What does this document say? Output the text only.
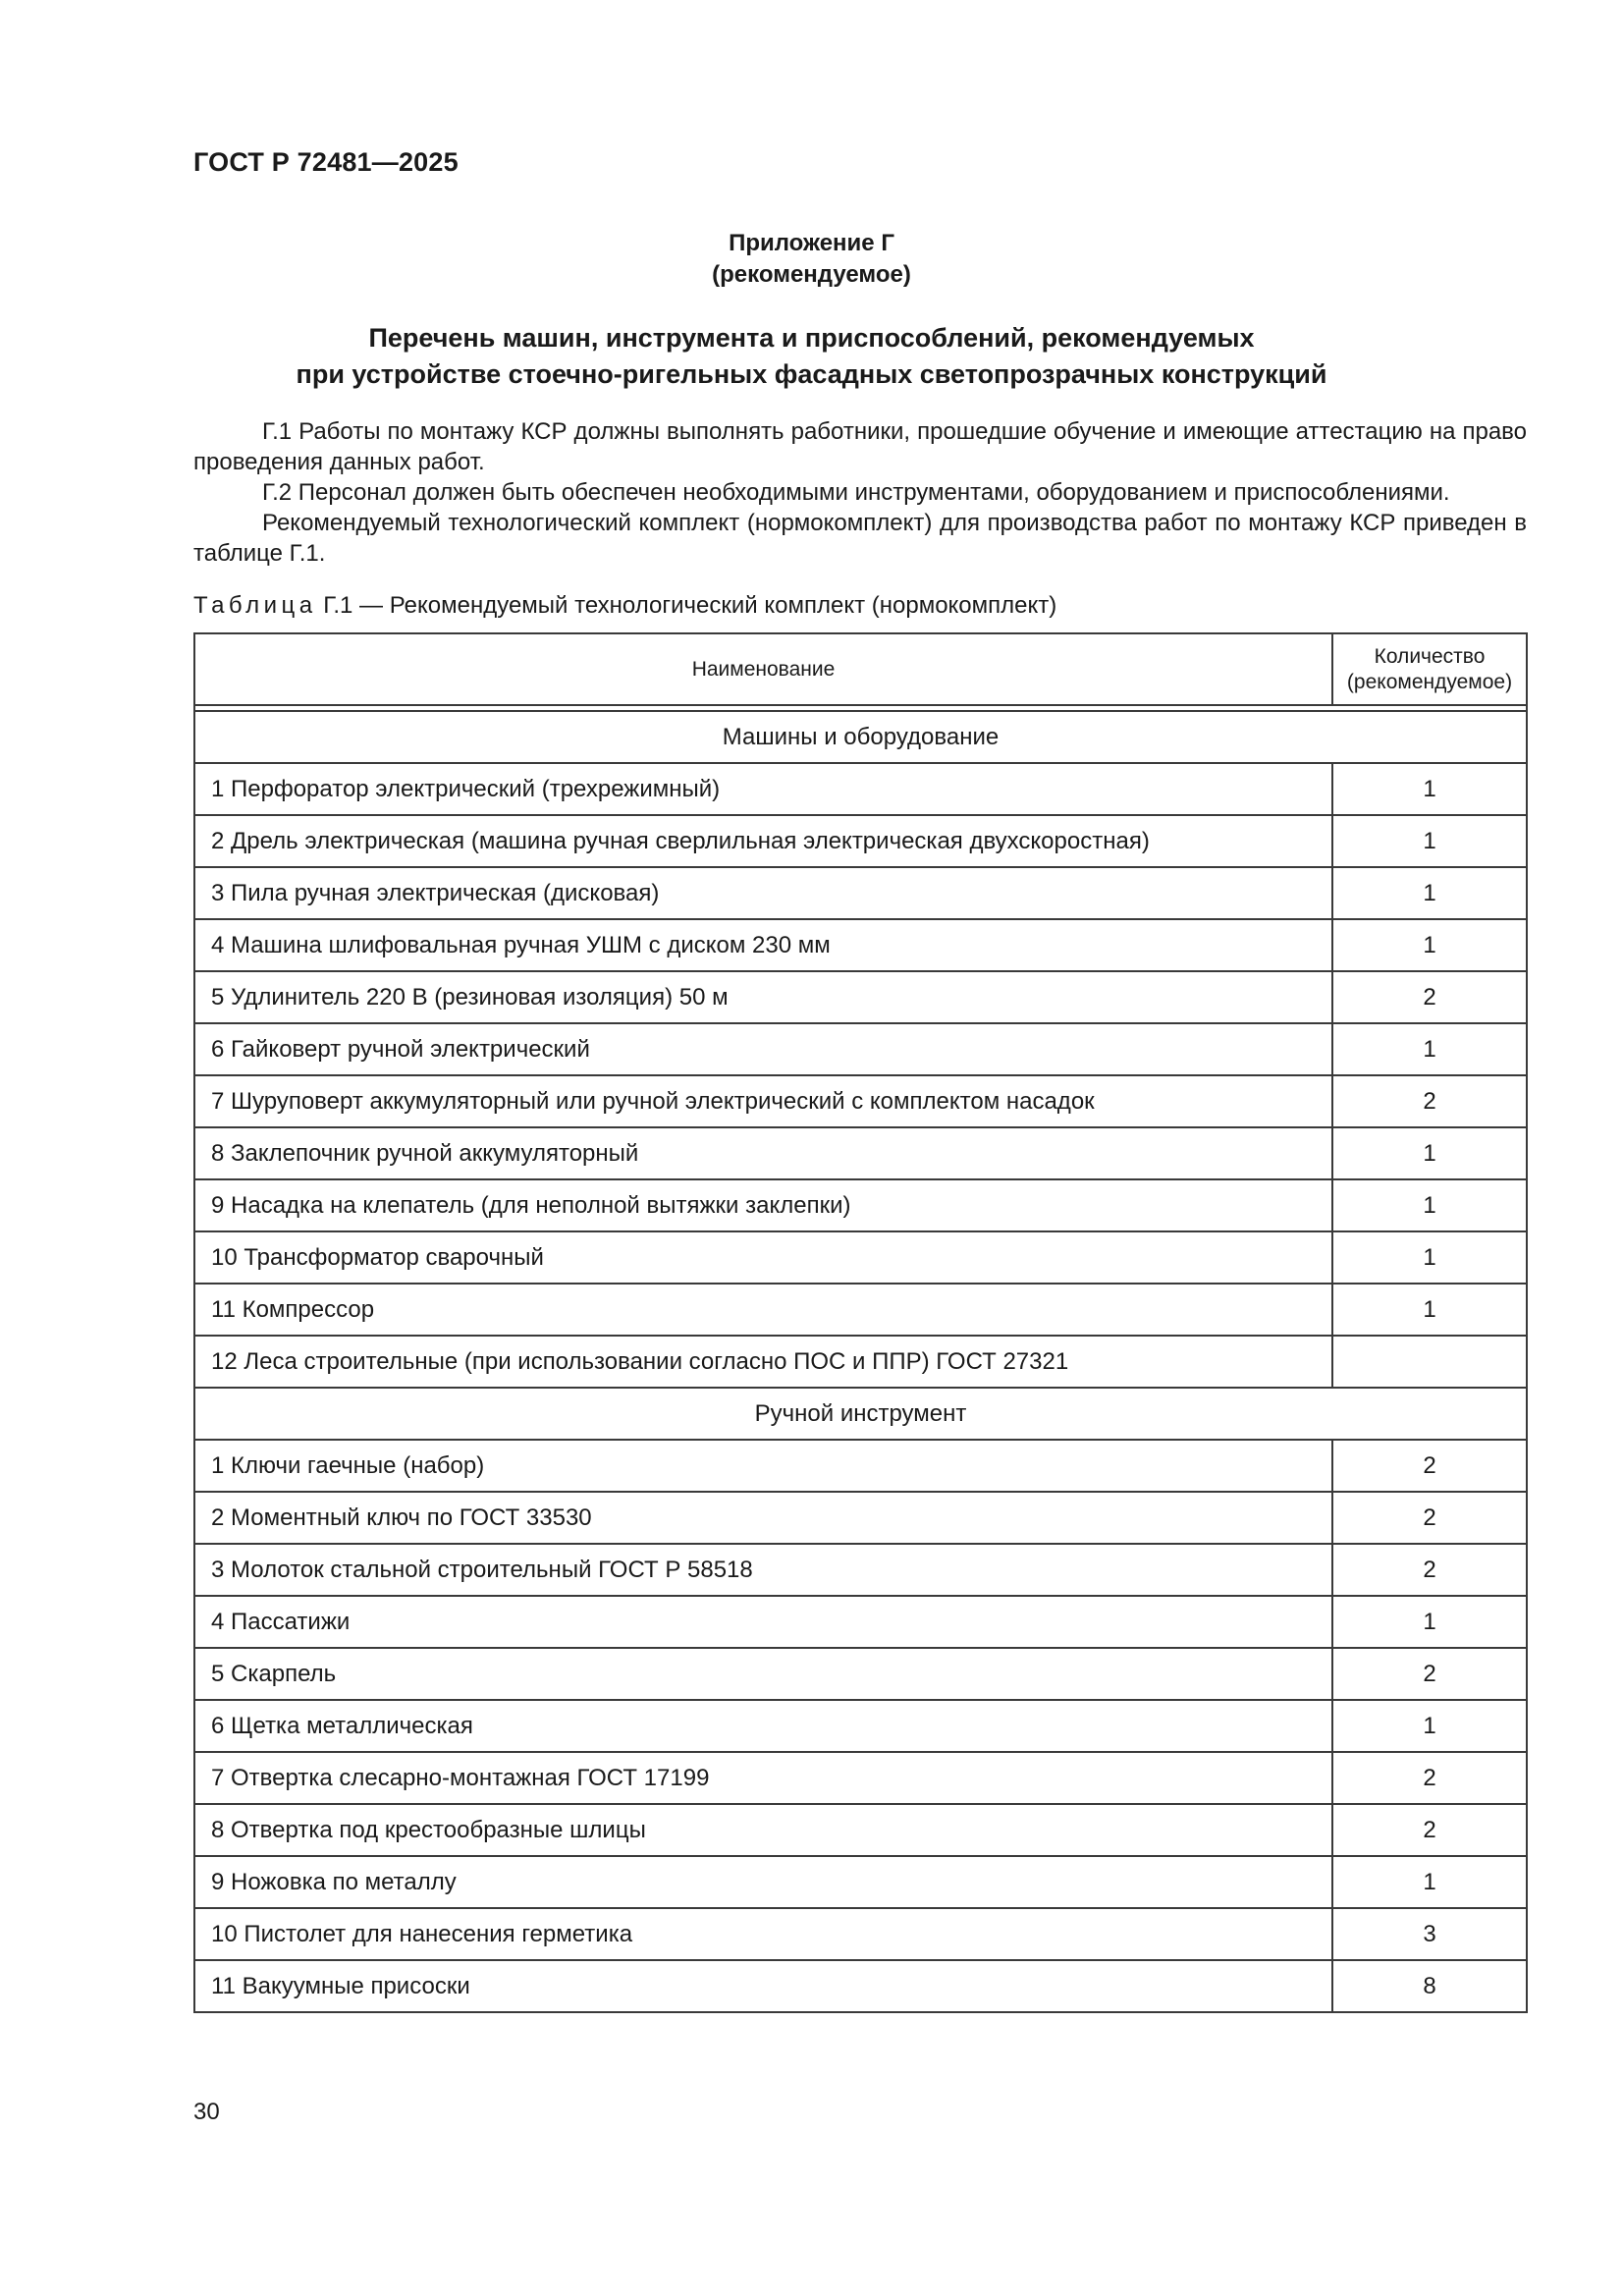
ГОСТ Р 72481—2025
Приложение Г
(рекомендуемое)
Перечень машин, инструмента и приспособлений, рекомендуемых
при устройстве стоечно-ригельных фасадных светопрозрачных конструкций

Г.1 Работы по монтажу КСР должны выполнять работники, прошедшие обучение и имеющие аттестацию на право проведения данных работ.

Г.2 Персонал должен быть обеспечен необходимыми инструментами, оборудованием и приспособлениями.

Рекомендуемый технологический комплект (нормокомплект) для производства работ по монтажу КСР приведен в таблице Г.1.

Таблица Г.1 — Рекомендуемый технологический комплект (нормокомплект)
Наименование	Количество
(рекомендуемое)

Машины и оборудование	
1 Перфоратор электрический (трехрежимный)	1
2 Дрель электрическая (машина ручная сверлильная электрическая двухскоростная)	1
3 Пила ручная электрическая (дисковая)	1
4 Машина шлифовальная ручная УШМ с диском 230 мм	1
5 Удлинитель 220 В (резиновая изоляция) 50 м	2
6 Гайковерт ручной электрический	1
7 Шуруповерт аккумуляторный или ручной электрический с комплектом насадок	2
8 Заклепочник ручной аккумуляторный	1
9 Насадка на клепатель (для неполной вытяжки заклепки)	1
10 Трансформатор сварочный	1
11 Компрессор	1
12 Леса строительные (при использовании согласно ПОС и ППР) ГОСТ 27321	
Ручной инструмент	
1 Ключи гаечные (набор)	2
2 Моментный ключ по ГОСТ 33530	2
3 Молоток стальной строительный ГОСТ Р 58518	2
4 Пассатижи	1
5 Скарпель	2
6 Щетка металлическая	1
7 Отвертка слесарно-монтажная ГОСТ 17199	2
8 Отвертка под крестообразные шлицы	2
9 Ножовка по металлу	1
10 Пистолет для нанесения герметика	3
11 Вакуумные присоски	8
30
